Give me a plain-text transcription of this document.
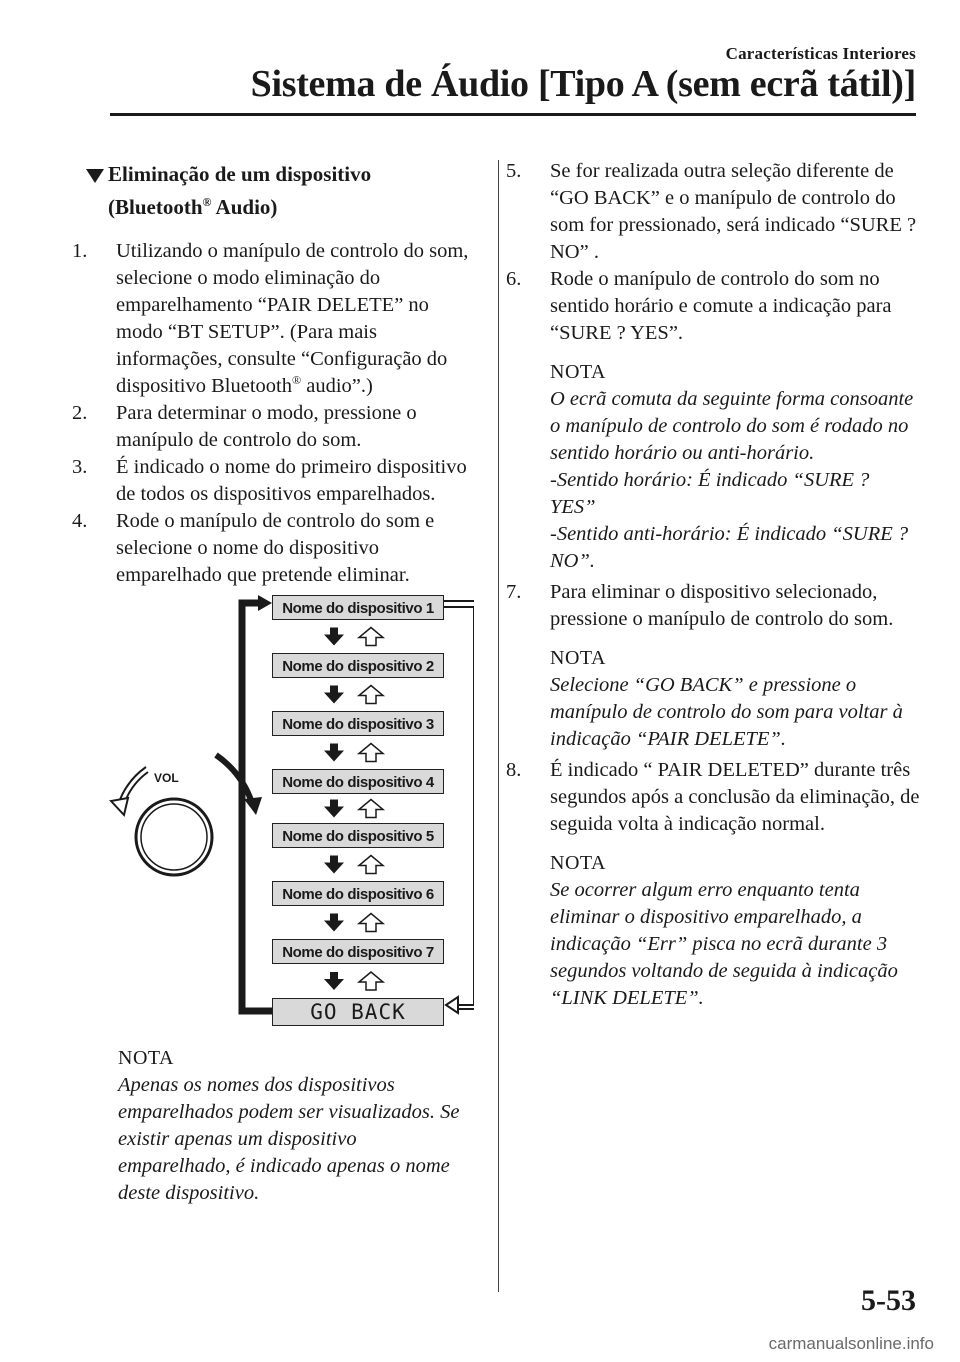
Características Interiores
Sistema de Áudio [Tipo A (sem ecrã tátil)]
Eliminação de um dispositivo
(Bluetooth® Audio)
1.	Utilizando o manípulo de controlo do som, selecione o modo eliminação do emparelhamento “PAIR DELETE” no modo “BT SETUP”. (Para mais informações, consulte “Configuração do dispositivo Bluetooth® audio”.)
2.	Para determinar o modo, pressione o manípulo de controlo do som.
3.	É indicado o nome do primeiro dispositivo de todos os dispositivos emparelhados.
4.	Rode o manípulo de controlo do som e selecione o nome do dispositivo emparelhado que pretende eliminar.
VOL
Nome do dispositivo 1
Nome do dispositivo 2
Nome do dispositivo 3
Nome do dispositivo 4
Nome do dispositivo 5
Nome do dispositivo 6
Nome do dispositivo 7
GO BACK
NOTA
Apenas os nomes dos dispositivos emparelhados podem ser visualizados. Se existir apenas um dispositivo emparelhado, é indicado apenas o nome deste dispositivo.
5.	Se for realizada outra seleção diferente de “GO BACK” e o manípulo de controlo do som for pressionado, será indicado “SURE ? NO” .
6.	Rode o manípulo de controlo do som no sentido horário e comute a indicação para “SURE ? YES”.
NOTA
O ecrã comuta da seguinte forma consoante o manípulo de controlo do som é rodado no sentido horário ou anti-horário.
-Sentido horário: É indicado “SURE ? YES”
-Sentido anti-horário: É indicado “SURE ? NO”.
7.	Para eliminar o dispositivo selecionado, pressione o manípulo de controlo do som.
NOTA
Selecione “GO BACK” e pressione o manípulo de controlo do som para voltar à indicação “PAIR DELETE”.
8.	É indicado “ PAIR DELETED” durante três segundos após a conclusão da eliminação, de seguida volta à indicação normal.
NOTA
Se ocorrer algum erro enquanto tenta eliminar o dispositivo emparelhado, a indicação “Err” pisca no ecrã durante 3 segundos voltando de seguida à indicação “LINK DELETE”.
5-53
carmanualsonline.info
